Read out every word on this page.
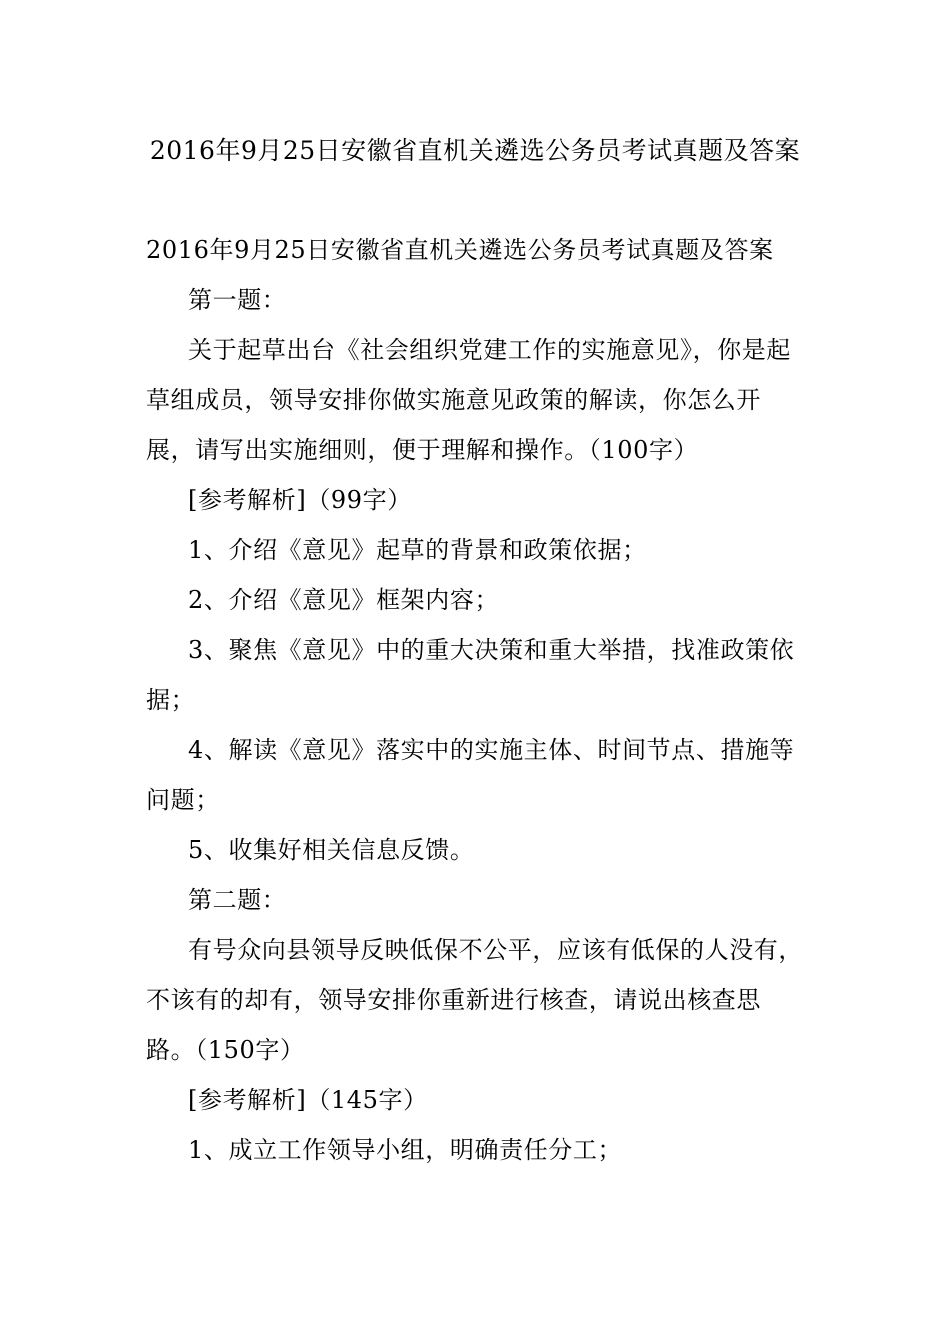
2016年9月25日安徽省直机关遴选公务员考试真题及答案

2016年9月25日安徽省直机关遴选公务员考试真题及答案

第一题：

关于起草出台《社会组织党建工作的实施意见》，你是起草组成员，领导安排你做实施意见政策的解读，你怎么开展，请写出实施细则，便于理解和操作。（100字）

[参考解析]（99字）

1、介绍《意见》起草的背景和政策依据；

2、介绍《意见》框架内容；

3、聚焦《意见》中的重大决策和重大举措，找准政策依据；

4、解读《意见》落实中的实施主体、时间节点、措施等问题；

5、收集好相关信息反馈。

第二题：

有号众向县领导反映低保不公平，应该有低保的人没有，不该有的却有，领导安排你重新进行核查，请说出核查思路。（150字）

[参考解析]（145字）

1、成立工作领导小组，明确责任分工；
